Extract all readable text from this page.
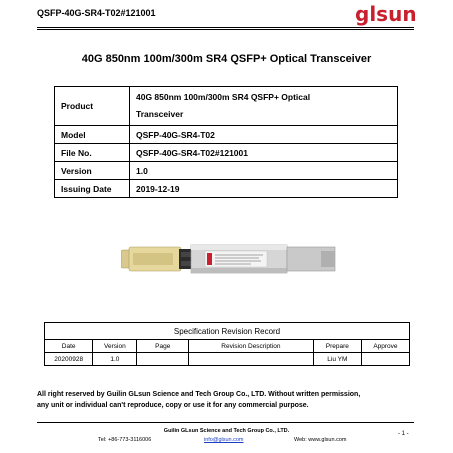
QSFP-40G-SR4-T02#121001	glsun
40G 850nm 100m/300m SR4 QSFP+ Optical Transceiver
Product	40G 850nm 100m/300m SR4 QSFP+ Optical
Transceiver
Model	QSFP-40G-SR4-T02
File No.	QSFP-40G-SR4-T02#121001
Version	1.0
Issuing Date	2019-12-19
Specification Revision Record					
Date	Version	Page	Revision Description	Prepare	Approve
20200928	1.0			Liu YM	
All right reserved by Guilin GLsun Science and Tech Group Co., LTD. Without written permission,
any unit or individual can't reproduce, copy or use it for any commercial purpose.
Guilin GLsun Science and Tech Group Co., LTD.	- 1 -
Tel: +86-773-3116006	info@glsun.com	Web: www.glsun.com
